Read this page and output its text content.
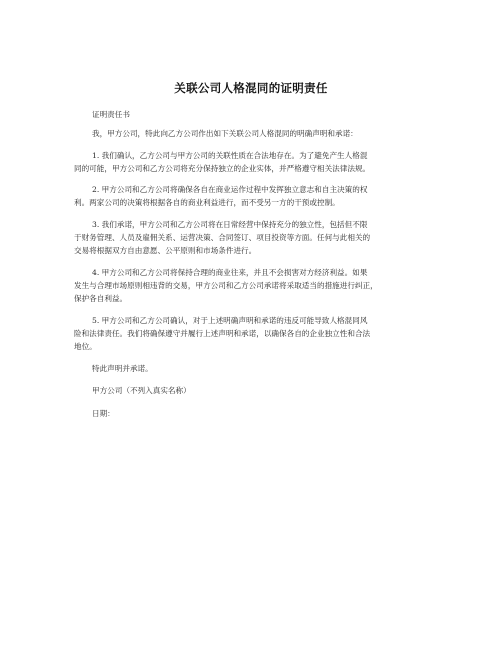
关联公司人格混同的证明责任
证明责任书
我，甲方公司，特此向乙方公司作出如下关联公司人格混同的明确声明和承诺：
1. 我们确认，乙方公司与甲方公司的关联性质在合法地存在。为了避免产生人格混
同的可能，甲方公司和乙方公司将充分保持独立的企业实体，并严格遵守相关法律法规。
2. 甲方公司和乙方公司将确保各自在商业运作过程中发挥独立意志和自主决策的权
利。两家公司的决策将根据各自的商业利益进行，而不受另一方的干预或控制。
3. 我们承诺，甲方公司和乙方公司将在日常经营中保持充分的独立性，包括但不限
于财务管理、人员及雇佣关系、运营决策、合同签订、项目投资等方面。任何与此相关的
交易将根据双方自由意愿、公平原则和市场条件进行。
4. 甲方公司和乙方公司将保持合理的商业往来，并且不会损害对方经济利益。如果
发生与合理市场原则相违背的交易，甲方公司和乙方公司承诺将采取适当的措施进行纠正，
保护各自利益。
5. 甲方公司和乙方公司确认，对于上述明确声明和承诺的违反可能导致人格混同风
险和法律责任。我们将确保遵守并履行上述声明和承诺，以确保各自的企业独立性和合法
地位。
特此声明并承诺。
甲方公司（不列入真实名称）
日期：
